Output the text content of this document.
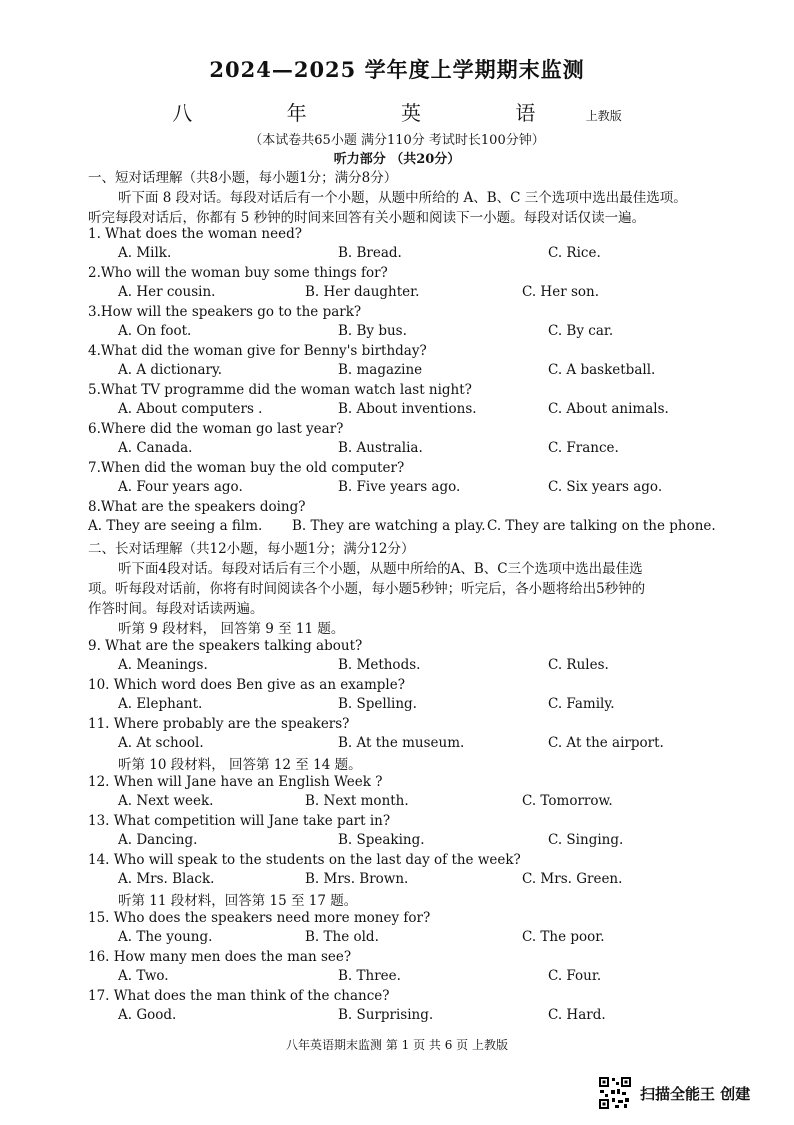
2024—2025 学年度上学期期末监测
八 年 英 语 上教版
（本试卷共65小题 满分110分 考试时长100分钟）
听力部分 （共20分）
一、短对话理解（共8小题，每小题1分；满分8分）
听下面 8 段对话。每段对话后有一个小题，从题中所给的 A、B、C 三个选项中选出最佳选项。
听完每段对话后，你都有 5 秒钟的时间来回答有关小题和阅读下一小题。每段对话仅读一遍。
1. What does the woman need?
A. Milk.	B. Bread.	C. Rice.
2.Who will the woman buy some things for?
A. Her cousin.	B. Her daughter.	C. Her son.
3.How will the speakers go to the park?
A. On foot.	B. By bus.	C. By car.
4.What did the woman give for Benny's birthday?
A. A dictionary.	B. magazine	C. A basketball.
5.What TV programme did the woman watch last night?
A. About computers .	B. About inventions.	C. About animals.
6.Where did the woman go last year?
A. Canada.	B. Australia.	C. France.
7.When did the woman buy the old computer?
A. Four years ago.	B. Five years ago.	C. Six years ago.
8.What are the speakers doing?
A. They are seeing a film. B. They are watching a play. C. They are talking on the phone.
9. What are the speakers talking about?
A. Meanings.	B. Methods.	C. Rules.
10. Which word does Ben give as an example?
A. Elephant.	B. Spelling.	C. Family.
11. Where probably are the speakers?
A. At school.	B. At the museum.	C. At the airport.
12. When will Jane have an English Week ?
A. Next week.	B. Next month.	C. Tomorrow.
13. What competition will Jane take part in?
A. Dancing.	B. Speaking.	C. Singing.
14. Who will speak to the students on the last day of the week?
A. Mrs. Black.	B. Mrs. Brown.	C. Mrs. Green.
15. Who does the speakers need more money for?
A. The young.	B. The old.	C. The poor.
16. How many men does the man see?
A. Two.	B. Three.	C. Four.
17. What does the man think of the chance?
A. Good.	B. Surprising.	C. Hard.
二、长对话理解（共12小题，每小题1分；满分12分）
听下面4段对话。每段对话后有三个小题，从题中所给的A、B、C三个选项中选出最佳选
项。听每段对话前，你将有时间阅读各个小题，每小题5秒钟；听完后，各小题将给出5秒钟的
作答时间。每段对话读两遍。
听第 9 段材料， 回答第 9 至 11 题。
听第 10 段材料， 回答第 12 至 14 题。
听第 11 段材料，回答第 15 至 17 题。
八年英语期末监测 第 1 页 共 6 页 上教版
扫描全能王 创建
